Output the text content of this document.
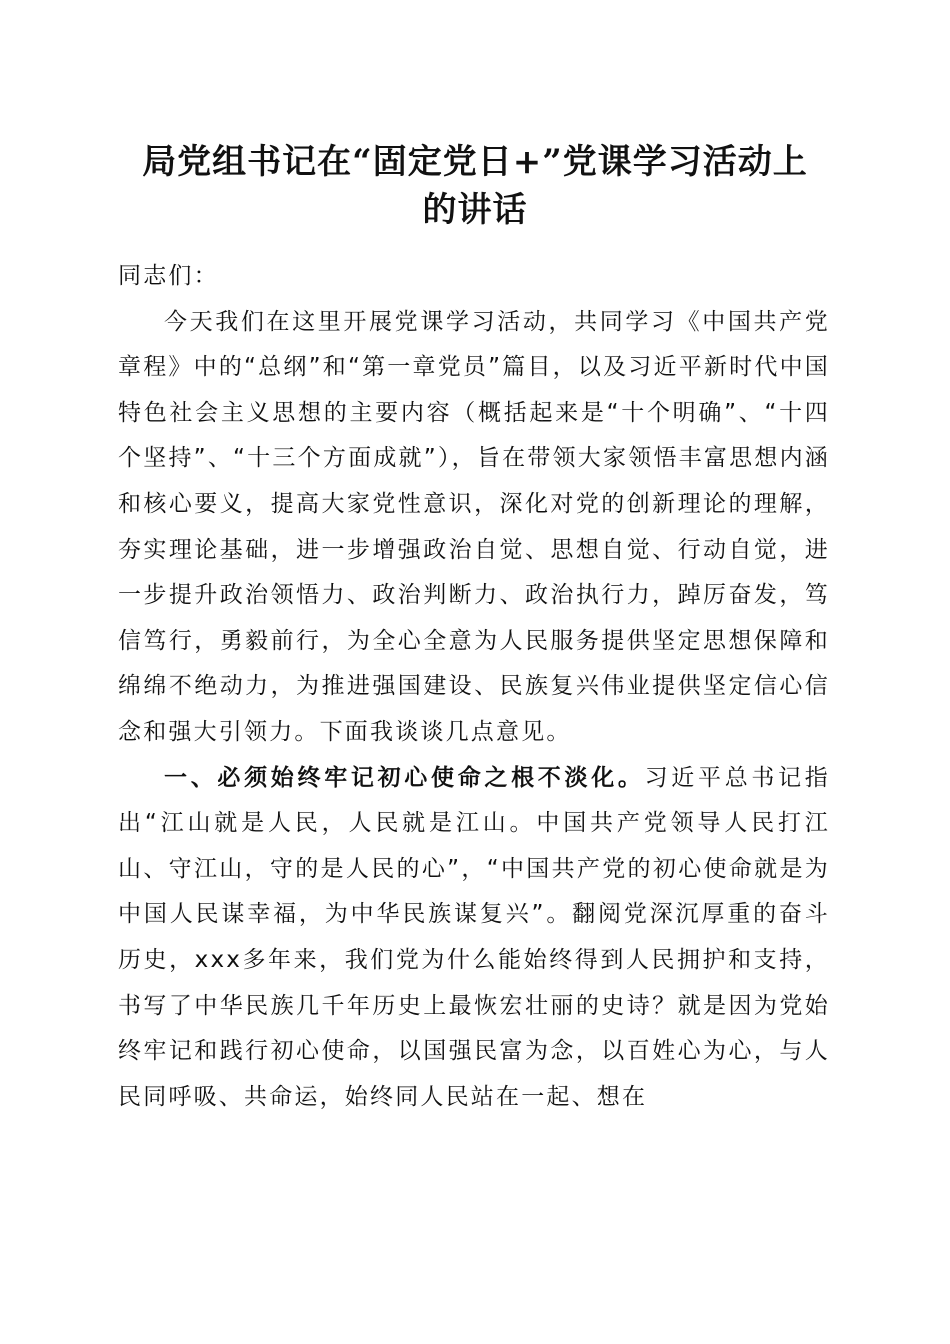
局党组书记在“固定党日+”党课学习活动上
的讲话

同志们：

今天我们在这里开展党课学习活动，共同学习《中国共产党章程》中的“总纲”和“第一章党员”篇目，以及习近平新时代中国特色社会主义思想的主要内容（概括起来是“十个明确”、“十四个坚持”、“十三个方面成就”），旨在带领大家领悟丰富思想内涵和核心要义，提高大家党性意识，深化对党的创新理论的理解，夯实理论基础，进一步增强政治自觉、思想自觉、行动自觉，进一步提升政治领悟力、政治判断力、政治执行力，踔厉奋发，笃信笃行，勇毅前行，为全心全意为人民服务提供坚定思想保障和绵绵不绝动力，为推进强国建设、民族复兴伟业提供坚定信心信念和强大引领力。下面我谈谈几点意见。

一、必须始终牢记初心使命之根不淡化。习近平总书记指出“江山就是人民，人民就是江山。中国共产党领导人民打江山、守江山，守的是人民的心”，“中国共产党的初心使命就是为中国人民谋幸福，为中华民族谋复兴”。翻阅党深沉厚重的奋斗历史，xxx多年来，我们党为什么能始终得到人民拥护和支持，书写了中华民族几千年历史上最恢宏壮丽的史诗？就是因为党始终牢记和践行初心使命，以国强民富为念，以百姓心为心，与人民同呼吸、共命运，始终同人民站在一起、想在
